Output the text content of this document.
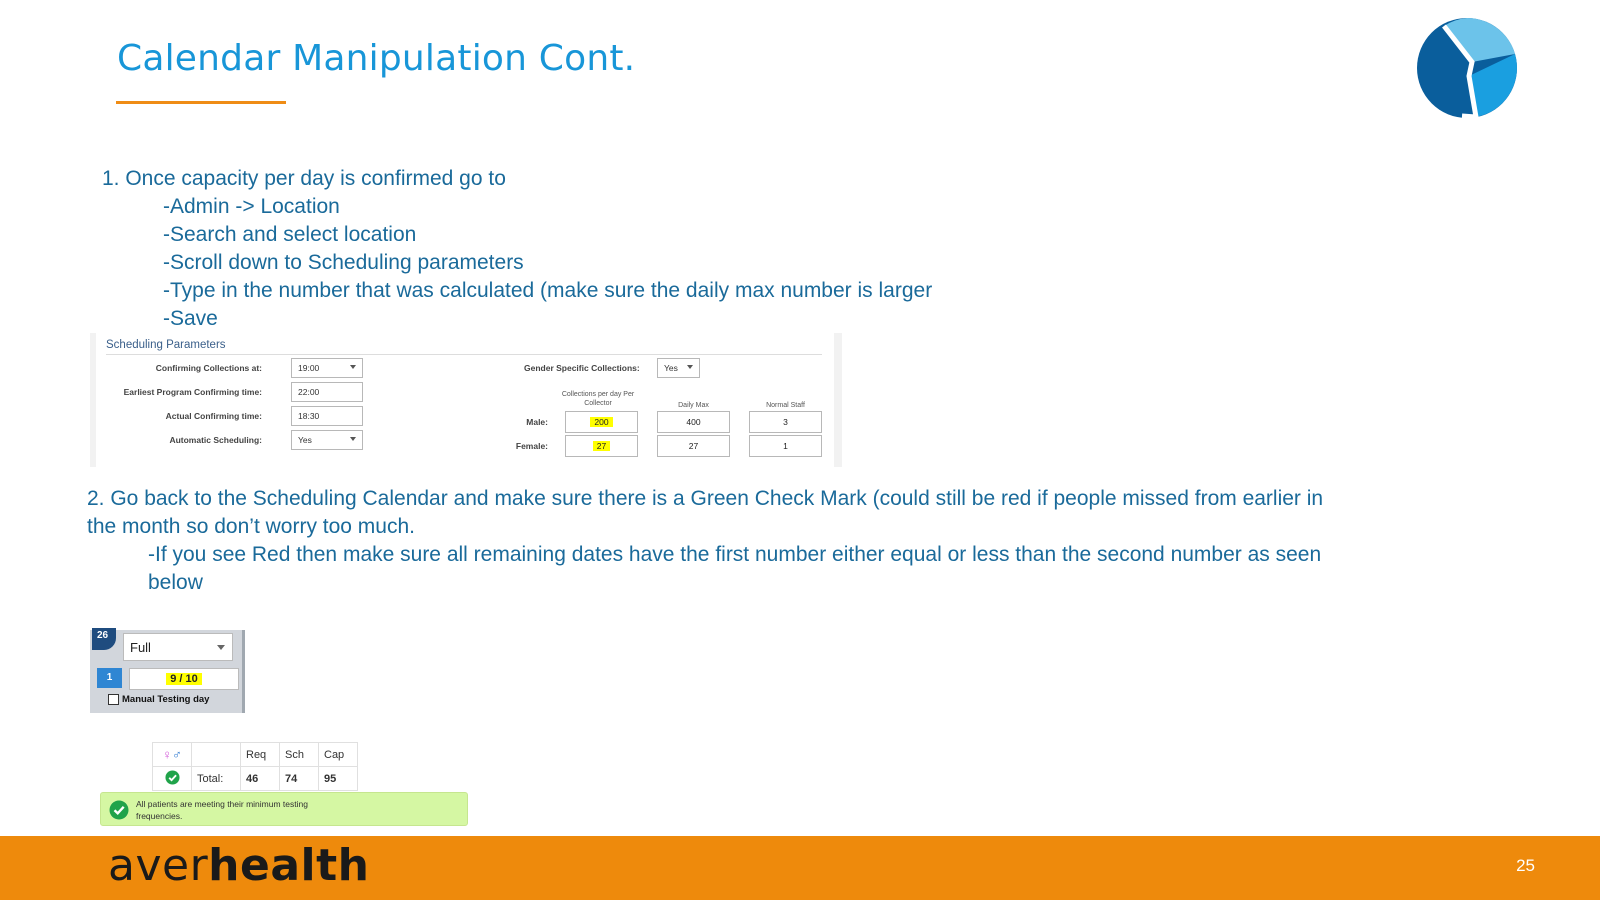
Calendar Manipulation Cont.
1. Once capacity per day is confirmed go to
-Admin -> Location
-Search and select location
-Scroll down to Scheduling parameters
-Type in the number that was calculated (make sure the daily max number is larger
-Save
Scheduling Parameters
Confirming Collections at:	19:00
Earliest Program Confirming time:	22:00
Actual Confirming time:	18:30
Automatic Scheduling:	Yes
Gender Specific Collections:	Yes
Collections per day Per Collector	Daily Max	Normal Staff
Male:	200	400	3
Female:	27	27	1
2. Go back to the Scheduling Calendar and make sure there is a Green Check Mark (could still be red if people missed from earlier in the month so don’t worry too much.
-If you see Red then make sure all remaining dates have the first number either equal or less than the second number as seen below
26
Full
1	9 / 10
Manual Testing day
♀♂		Req	Sch	Cap
	Total:	46	74	95
All patients are meeting their minimum testing frequencies.
averhealth	25
